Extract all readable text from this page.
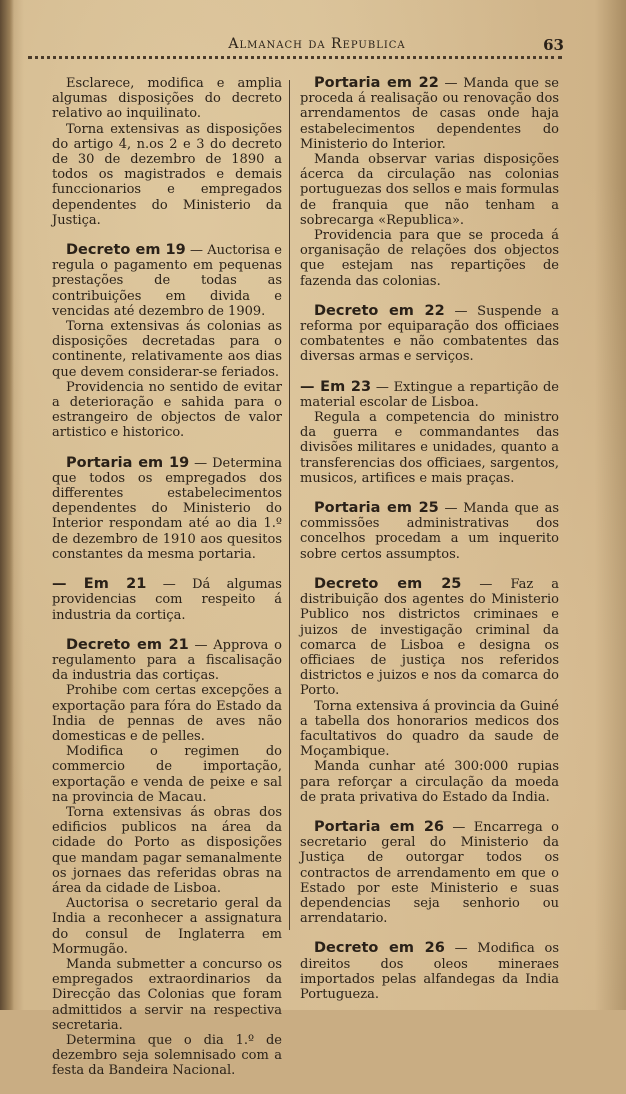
Almanach da Republica	63

Esclarece, modifica e amplia algumas disposições do decreto relativo ao inquilinato.

Torna extensivas as disposições do artigo 4, n.os 2 e 3 do decreto de 30 de dezembro de 1890 a todos os magistrados e demais funccionarios e empregados dependentes do Ministerio da Justiça.

Decreto em 19 — Auctorisa e regula o pagamento em pequenas prestações de todas as contribuições em divida e vencidas até dezembro de 1909.

Torna extensivas ás colonias as disposições decretadas para o continente, relativamente aos dias que devem considerar-se feriados.

Providencia no sentido de evitar a deterioração e sahida para o estrangeiro de objectos de valor artistico e historico.

Portaria em 19 — Determina que todos os empregados dos differentes estabelecimentos dependentes do Ministerio do Interior respondam até ao dia 1.º de dezembro de 1910 aos quesitos constantes da mesma portaria.

— Em 21 — Dá algumas providencias com respeito á industria da cortiça.

Decreto em 21 — Approva o regulamento para a fiscalisação da industria das cortiças.

Prohibe com certas excepções a exportação para fóra do Estado da India de pennas de aves não domesticas e de pelles.

Modifica o regimen do commercio de importação, exportação e venda de peixe e sal na provincia de Macau.

Torna extensivas ás obras dos edificios publicos na área da cidade do Porto as disposições que mandam pagar semanalmente os jornaes das referidas obras na área da cidade de Lisboa.

Auctorisa o secretario geral da India a reconhecer a assignatura do consul de Inglaterra em Mormugão.

Manda submetter a concurso os empregados extraordinarios da Direcção das Colonias que foram admittidos a servir na respectiva secretaria.

Determina que o dia 1.º de dezembro seja solemnisado com a festa da Bandeira Nacional.

Portaria em 22 — Manda que se proceda á realisação ou renovação dos arrendamentos de casas onde haja estabelecimentos dependentes do Ministerio do Interior.

Manda observar varias disposições ácerca da circulação nas colonias portuguezas dos sellos e mais formulas de franquia que não tenham a sobrecarga «Republica».

Providencia para que se proceda á organisação de relações dos objectos que estejam nas repartições de fazenda das colonias.

Decreto em 22 — Suspende a reforma por equiparação dos officiaes combatentes e não combatentes das diversas armas e serviços.

— Em 23 — Extingue a repartição de material escolar de Lisboa.

Regula a competencia do ministro da guerra e commandantes das divisões militares e unidades, quanto a transferencias dos officiaes, sargentos, musicos, artifices e mais praças.

Portaria em 25 — Manda que as commissões administrativas dos concelhos procedam a um inquerito sobre certos assumptos.

Decreto em 25 — Faz a distribuição dos agentes do Ministerio Publico nos districtos criminaes e juizos de investigação criminal da comarca de Lisboa e designa os officiaes de justiça nos referidos districtos e juizos e nos da comarca do Porto.

Torna extensiva á provincia da Guiné a tabella dos honorarios medicos dos facultativos do quadro da saude de Moçambique.

Manda cunhar até 300:000 rupias para reforçar a circulação da moeda de prata privativa do Estado da India.

Portaria em 26 — Encarrega o secretario geral do Ministerio da Justiça de outorgar todos os contractos de arrendamento em que o Estado por este Ministerio e suas dependencias seja senhorio ou arrendatario.

Decreto em 26 — Modifica os direitos dos oleos mineraes importados pelas alfandegas da India Portugueza.
